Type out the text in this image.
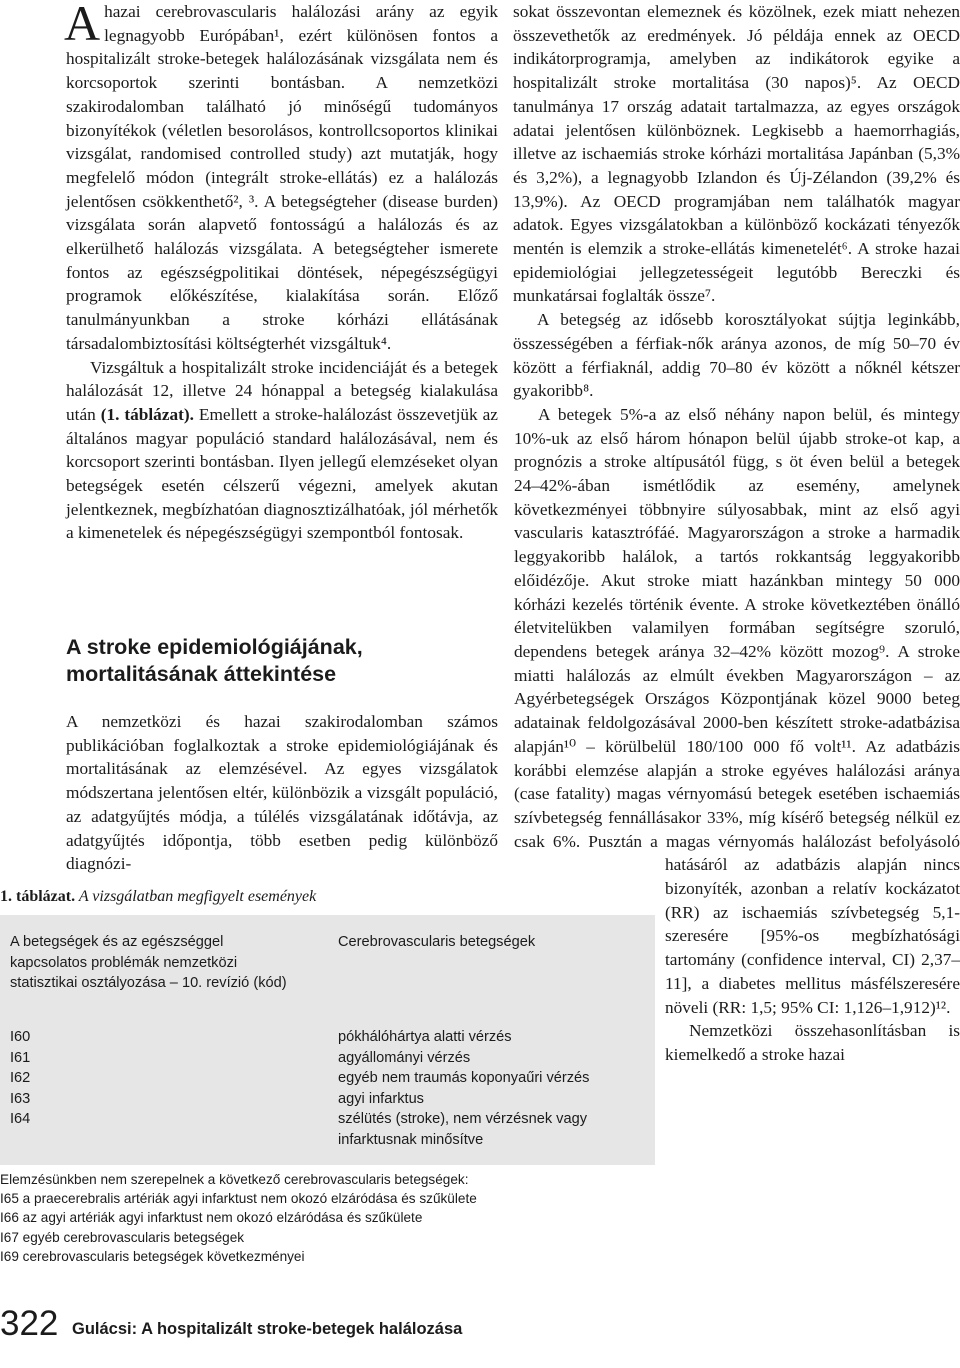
Ahazai cerebrovascularis halálozási arány az egyik legnagyobb Európában¹, ezért különösen fontos a hospitalizált stroke-betegek halálozásának vizsgálata nem és korcsoportok szerinti bontásban. A nemzetközi szakirodalomban található jó minőségű tudományos bizonyítékok (véletlen besorolásos, kontrollcsoportos klinikai vizsgálat, randomised controlled study) azt mutatják, hogy megfelelő módon (integrált stroke-ellátás) ez a halálozás jelentősen csökkenthető², ³. A betegségteher (disease burden) vizsgálata során alapvető fontosságú a halálozás és az elkerülhető halálozás vizsgálata. A betegségteher ismerete fontos az egészségpolitikai döntések, népegészségügyi programok előkészítése, kialakítása során. Előző tanulmányunkban a stroke kórházi ellátásának társadalombiztosítási költségterhét vizsgáltuk⁴.

Vizsgáltuk a hospitalizált stroke incidenciáját és a betegek halálozását 12, illetve 24 hónappal a betegség kialakulása után (1. táblázat). Emellett a stroke-halálozást összevetjük az általános magyar populáció standard halálozásával, nem és korcsoport szerinti bontásban. Ilyen jellegű elemzéseket olyan betegségek esetén célszerű végezni, amelyek akutan jelentkeznek, megbízhatóan diagnosztizálhatóak, jól mérhetők a kimenetelek és népegészségügyi szempontból fontosak.

A stroke epidemiológiájának,
mortalitásának áttekintése

A nemzetközi és hazai szakirodalomban számos publikációban foglalkoztak a stroke epidemiológiájának és mortalitásának az elemzésével. Az egyes vizsgálatok módszertana jelentősen eltér, különbözik a vizsgált populáció, az adatgyűjtés módja, a túlélés vizsgálatának időtávja, az adatgyűjtés időpontja, több esetben pedig különböző diagnózi-

sokat összevontan elemeznek és közölnek, ezek miatt nehezen összevethetők az eredmények. Jó példája ennek az OECD indikátorprogramja, amelyben az indikátorok egyike a hospitalizált stroke mortalitása (30 napos)⁵. Az OECD tanulmánya 17 ország adatait tartalmazza, az egyes országok adatai jelentősen különböznek. Legkisebb a haemorrhagiás, illetve az ischaemiás stroke kórházi mortalitása Japánban (5,3% és 3,2%), a legnagyobb Izlandon és Új-Zélandon (39,2% és 13,9%). Az OECD programjában nem találhatók magyar adatok. Egyes vizsgálatokban a különböző kockázati tényezők mentén is elemzik a stroke-ellátás kimenetelét⁶. A stroke hazai epidemiológiai jellegzetességeit legutóbb Bereczki és munkatársai foglalták össze⁷.

A betegség az idősebb korosztályokat sújtja leginkább, összességében a férfiak-nők aránya azonos, de míg 50–70 év között a férfiaknál, addig 70–80 év között a nőknél kétszer gyakoribb⁸.

A betegek 5%-a az első néhány napon belül, és mintegy 10%-uk az első három hónapon belül újabb stroke-ot kap, a prognózis a stroke altípusától függ, s öt éven belül a betegek 24–42%-ában ismétlődik az esemény, amelynek következményei többnyire súlyosabbak, mint az első agyi vascularis katasztrófáé. Magyarországon a stroke a harmadik leggyakoribb halálok, a tartós rokkantság leggyakoribb előidézője. Akut stroke miatt hazánkban mintegy 50 000 kórházi kezelés történik évente. A stroke következtében önálló életvitelükben valamilyen formában segítségre szoruló, dependens betegek aránya 32–42% között mozog⁹. A stroke miatti halálozás az elmúlt években Magyarországon – az Agyérbetegségek Országos Központjának közel 9000 beteg adatainak feldolgozásával 2000-ben készített stroke-adatbázisa alapján¹⁰ – körülbelül 180/100 000 fő volt¹¹. Az adatbázis korábbi elemzése alapján a stroke egyéves halálozási aránya (case fatality) magas vérnyomású betegek esetében ischaemiás szívbetegség fennállásakor 33%, míg kísérő betegség nélkül ez csak 6%. Pusztán a magas vérnyomás halálozást befolyásoló hatásáról az adatbázis alapján nincs bizonyíték, azonban a relatív kockázatot (RR) az ischaemiás szívbetegség 5,1-szeresére [95%-os megbízhatósági tartomány (confidence interval, CI) 2,37–11], a diabetes mellitus másfélszeresére növeli (RR: 1,5; 95% CI: 1,126–1,912)¹².

Nemzetközi összehasonlításban is kiemelkedő a stroke hazai

1. táblázat. A vizsgálatban megfigyelt események

A betegségek és az egészséggel kapcsolatos problémák nemzetközi statisztikai osztályozása – 10. revízió (kód)

Cerebrovascularis betegségek

I60
I61
I62
I63
I64
pókhálóhártya alatti vérzés
agyállományi vérzés
egyéb nem traumás koponyaűri vérzés
agyi infarktus
szélütés (stroke), nem vérzésnek vagy infarktusnak minősítve
Elemzésünkben nem szerepelnek a következő cerebrovascularis betegségek:
I65 a praecerebralis artériák agyi infarktust nem okozó elzáródása és szűkülete
I66 az agyi artériák agyi infarktust nem okozó elzáródása és szűkülete
I67 egyéb cerebrovascularis betegségek
I69 cerebrovascularis betegségek következményei
322 Gulácsi: A hospitalizált stroke-betegek halálozása
